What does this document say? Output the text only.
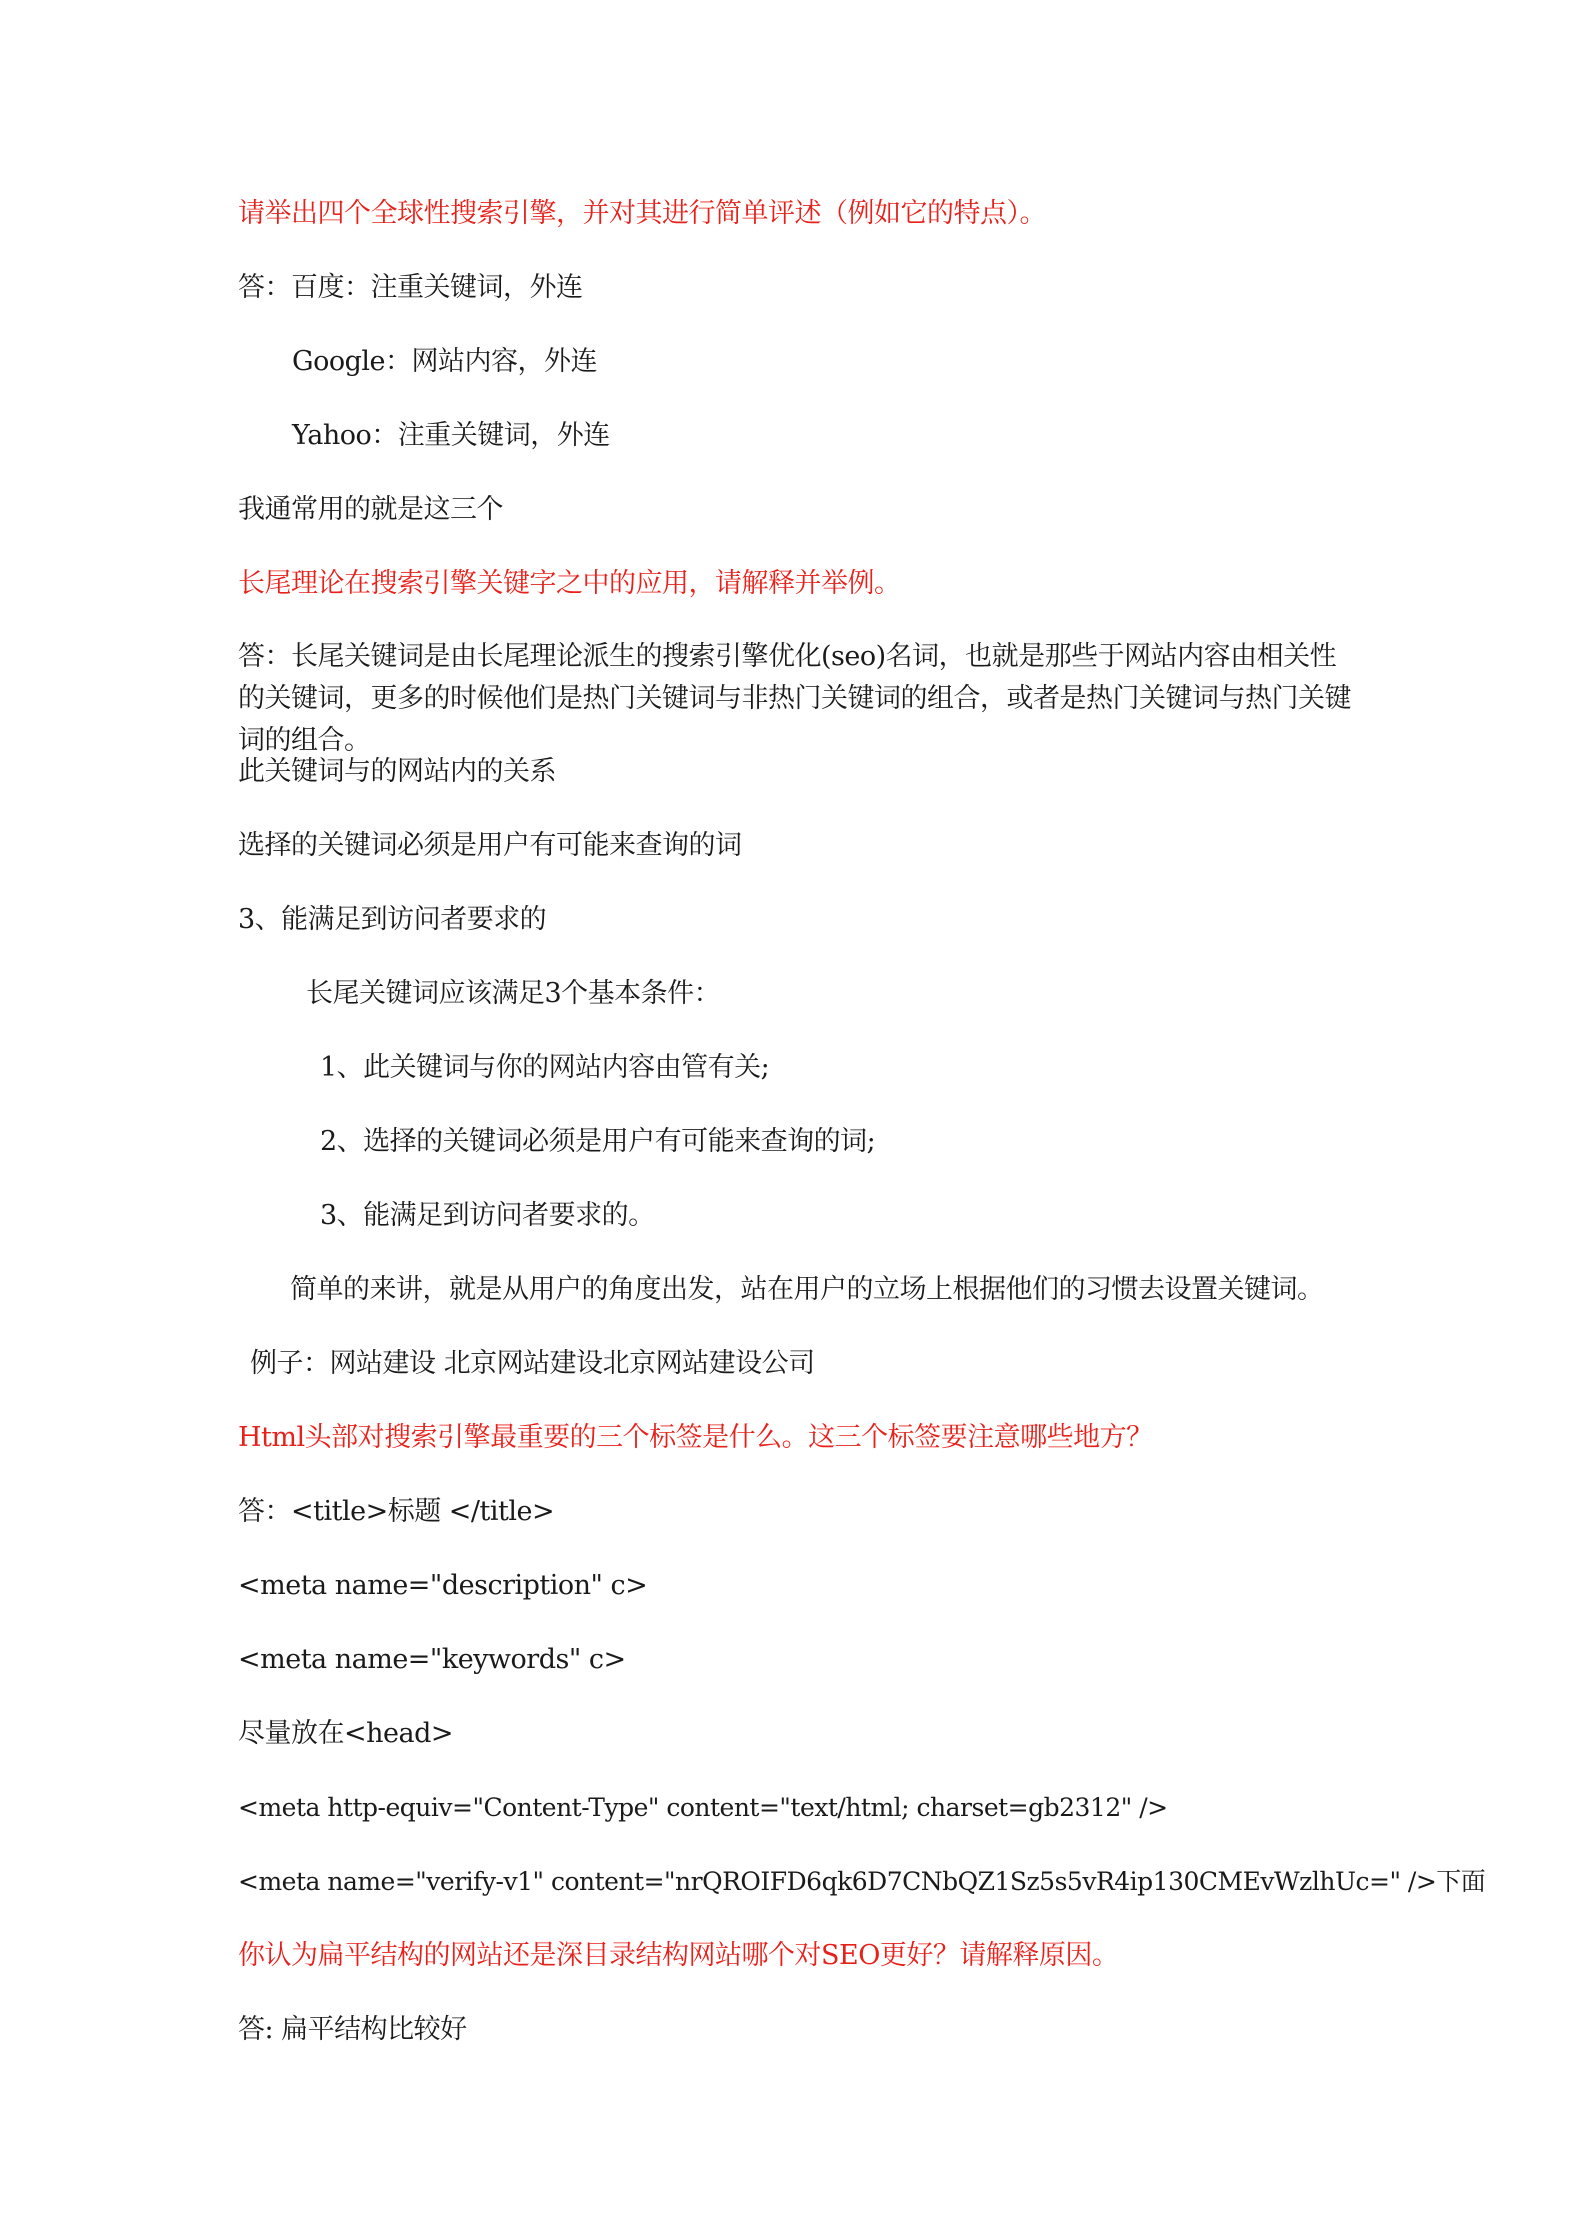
请举出四个全球性搜索引擎，并对其进行简单评述（例如它的特点）。
答：百度：注重关键词，外连
Google：网站内容，外连
Yahoo：注重关键词，外连
我通常用的就是这三个
长尾理论在搜索引擎关键字之中的应用，请解释并举例。
答：长尾关键词是由长尾理论派生的搜索引擎优化(seo)名词，也就是那些于网站内容由相关性的关键词，更多的时候他们是热门关键词与非热门关键词的组合，或者是热门关键词与热门关键词的组合。
此关键词与的网站内的关系
选择的关键词必须是用户有可能来查询的词
3、能满足到访问者要求的
长尾关键词应该满足3个基本条件：
1、此关键词与你的网站内容由管有关;
2、选择的关键词必须是用户有可能来查询的词;
3、能满足到访问者要求的。
简单的来讲，就是从用户的角度出发，站在用户的立场上根据他们的习惯去设置关键词。
例子：网站建设 北京网站建设北京网站建设公司
Html头部对搜索引擎最重要的三个标签是什么。这三个标签要注意哪些地方？
答：<title>标题 </title>
<meta name="description" c>
<meta name="keywords" c>
尽量放在<head>
<meta http-equiv="Content-Type" content="text/html; charset=gb2312" />
<meta name="verify-v1" content="nrQROIFD6qk6D7CNbQZ1Sz5s5vR4ip130CMEvWzlhUc=" />下面
你认为扁平结构的网站还是深目录结构网站哪个对SEO更好？请解释原因。
答: 扁平结构比较好
